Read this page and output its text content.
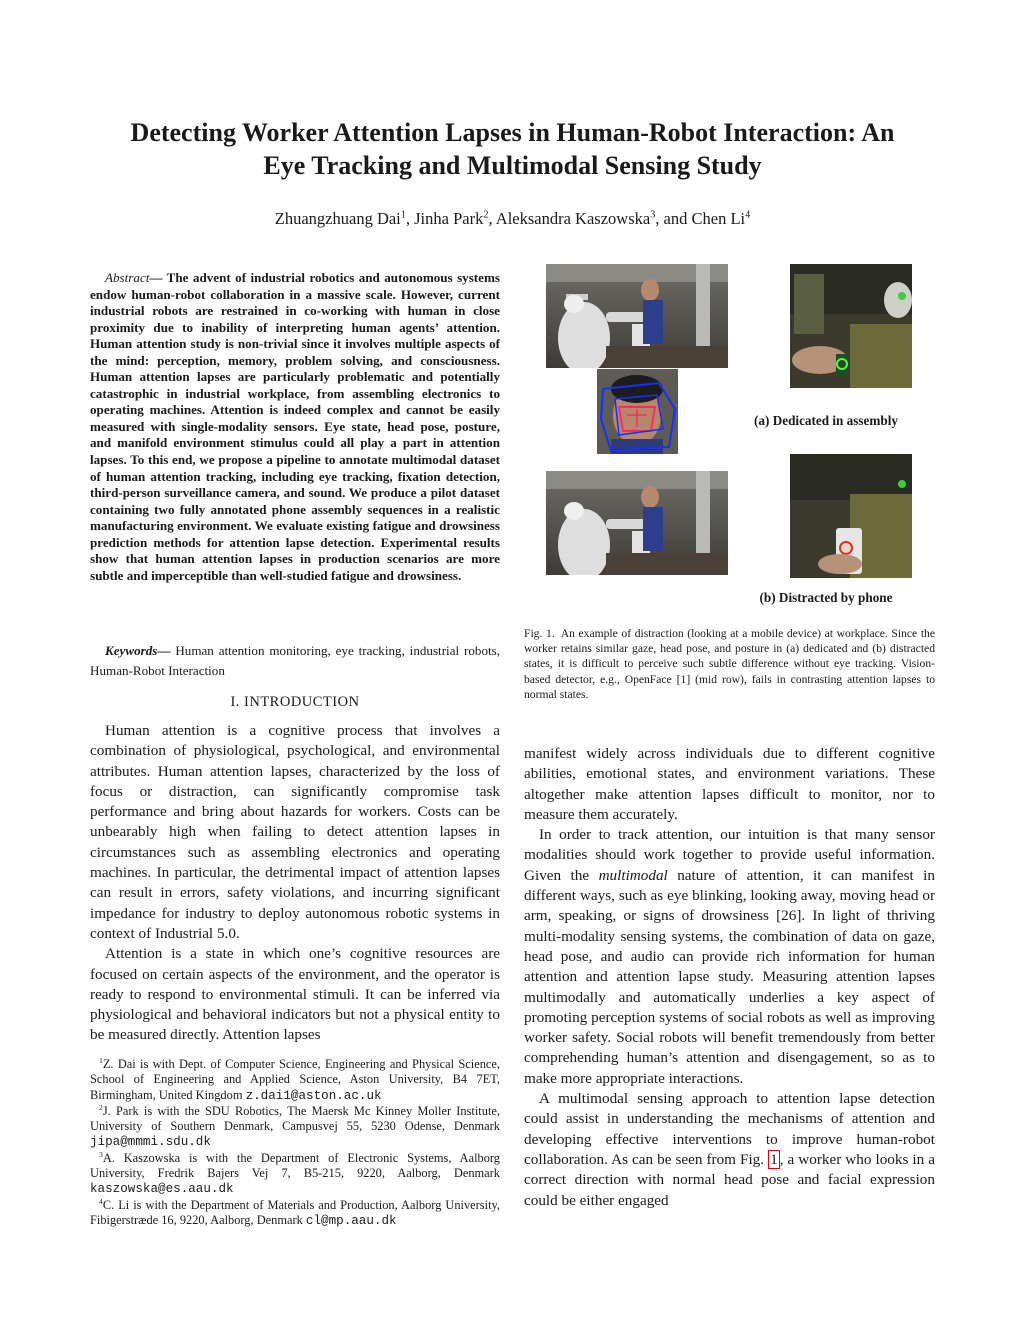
Detecting Worker Attention Lapses in Human-Robot Interaction: An
Eye Tracking and Multimodal Sensing Study
Zhuangzhuang Dai$^1$, Jinha Park$^2$, Aleksandra Kaszowska$^3$, and Chen Li$^4$
Abstract— The advent of industrial robotics and autonomous systems endow human-robot collaboration in a massive scale. However, current industrial robots are restrained in co-working with human in close proximity due to inability of interpreting human agents’ attention. Human attention study is non-trivial since it involves multiple aspects of the mind: perception, memory, problem solving, and consciousness. Human attention lapses are particularly problematic and potentially catastrophic in industrial workplace, from assembling electronics to operating machines. Attention is indeed complex and cannot be easily measured with single-modality sensors. Eye state, head pose, posture, and manifold environment stimulus could all play a part in attention lapses. To this end, we propose a pipeline to annotate multimodal dataset of human attention tracking, including eye tracking, fixation detection, third-person surveillance camera, and sound. We produce a pilot dataset containing two fully annotated phone assembly sequences in a realistic manufacturing environment. We evaluate existing fatigue and drowsiness prediction methods for attention lapse detection. Experimental results show that human attention lapses in production scenarios are more subtle and imperceptible than well-studied fatigue and drowsiness.
Keywords— Human attention monitoring, eye tracking, industrial robots, Human-Robot Interaction
I. INTRODUCTION

Human attention is a cognitive process that involves a combination of physiological, psychological, and environmental attributes. Human attention lapses, characterized by the loss of focus or distraction, can significantly compromise task performance and bring about hazards for workers. Costs can be unbearably high when failing to detect attention lapses in circumstances such as assembling electronics and operating machines. In particular, the detrimental impact of attention lapses can result in errors, safety violations, and incurring significant impedance for industry to deploy autonomous robotic systems in context of Industrial 5.0.

Attention is a state in which one’s cognitive resources are focused on certain aspects of the environment, and the operator is ready to respond to environmental stimuli. It can be inferred via physiological and behavioral indicators but not a physical entity to be measured directly. Attention lapses

$^1$Z. Dai is with Dept. of Computer Science, Engineering and Physical Science, School of Engineering and Applied Science, Aston University, B4 7ET, Birmingham, United Kingdom z.dai1@aston.ac.uk

$^2$J. Park is with the SDU Robotics, The Maersk Mc Kinney Moller Institute, University of Southern Denmark, Campusvej 55, 5230 Odense, Denmark jipa@mmmi.sdu.dk

$^3$A. Kaszowska is with the Department of Electronic Systems, Aalborg University, Fredrik Bajers Vej 7, B5-215, 9220, Aalborg, Denmark kaszowska@es.aau.dk

$^4$C. Li is with the Department of Materials and Production, Aalborg University, Fibigerstræde 16, 9220, Aalborg, Denmark cl@mp.aau.dk

(a) Dedicated in assembly
(b) Distracted by phone
Fig. 1. An example of distraction (looking at a mobile device) at workplace. Since the worker retains similar gaze, head pose, and posture in (a) dedicated and (b) distracted states, it is difficult to perceive such subtle difference without eye tracking. Vision-based detector, e.g., OpenFace [1] (mid row), fails in contrasting attention lapses to normal states.

manifest widely across individuals due to different cognitive abilities, emotional states, and environment variations. These altogether make attention lapses difficult to monitor, nor to measure them accurately.

In order to track attention, our intuition is that many sensor modalities should work together to provide useful information. Given the multimodal nature of attention, it can manifest in different ways, such as eye blinking, looking away, moving head or arm, speaking, or signs of drowsiness [26]. In light of thriving multi-modality sensing systems, the combination of data on gaze, head pose, and audio can provide rich information for human attention and attention lapse study. Measuring attention lapses multimodally and automatically underlies a key aspect of promoting perception systems of social robots as well as improving worker safety. Social robots will benefit tremendously from better comprehending human’s attention and disengagement, so as to make more appropriate interactions.

A multimodal sensing approach to attention lapse detection could assist in understanding the mechanisms of attention and developing effective interventions to improve human-robot collaboration. As can be seen from Fig. 1 , a worker who looks in a correct direction with normal head pose and facial expression could be either engaged
